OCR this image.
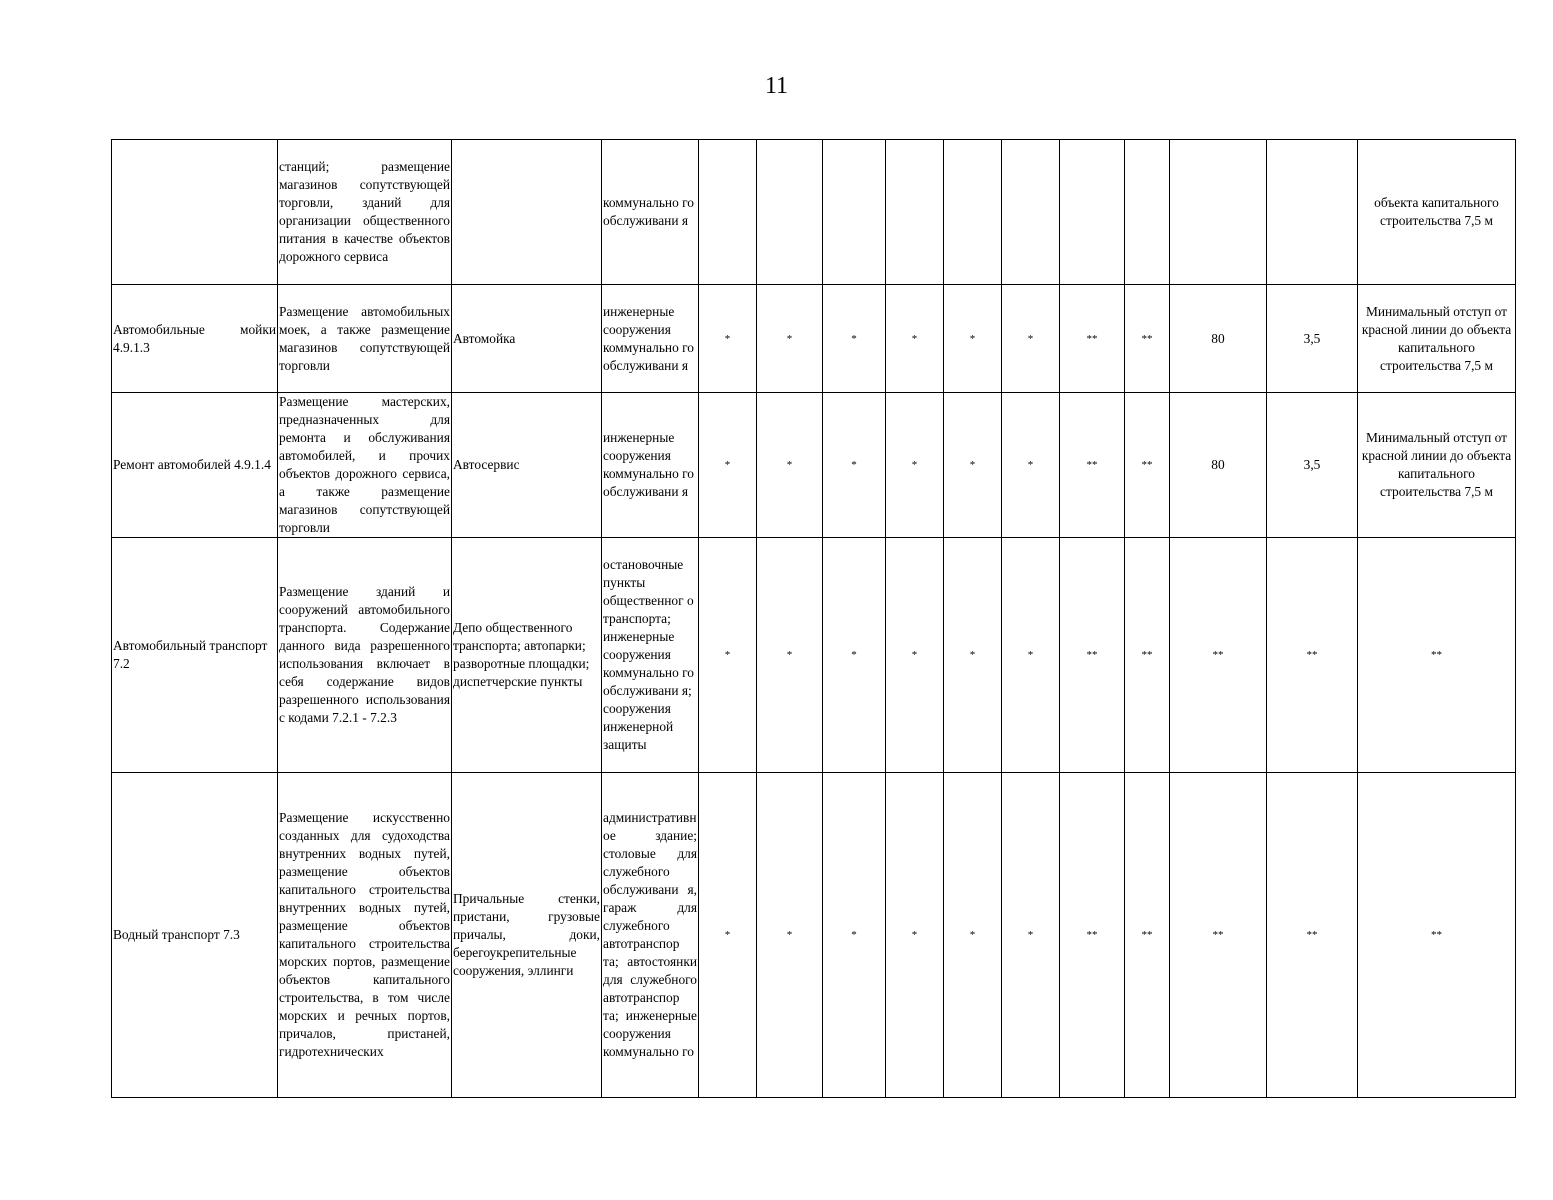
11
	станций; размещение магазинов сопутствующей торговли, зданий для организации общественного питания в качестве объектов дорожного сервиса		коммунально го обслуживани я											объекта капитального строительства 7,5 м
Автомобильные мойки 4.9.1.3	Размещение автомобильных моек, а также размещение магазинов сопутствующей торговли	Автомойка	инженерные сооружения коммунально го обслуживани я	*	*	*	*	*	*	**	**	80	3,5	Минимальный отступ от красной линии до объекта капитального строительства 7,5 м
Ремонт автомобилей 4.9.1.4	Размещение мастерских, предназначенных для ремонта и обслуживания автомобилей, и прочих объектов дорожного сервиса, а также размещение магазинов сопутствующей торговли	Автосервис	инженерные сооружения коммунально го обслуживани я	*	*	*	*	*	*	**	**	80	3,5	Минимальный отступ от красной линии до объекта капитального строительства 7,5 м
Автомобильный транспорт 7.2	Размещение зданий и сооружений автомобильного транспорта. Содержание данного вида разрешенного использования включает в себя содержание видов разрешенного использования с кодами 7.2.1 - 7.2.3	Депо общественного транспорта; автопарки; разворотные площадки; диспетчерские пункты	остановочные пункты общественног о транспорта; инженерные сооружения коммунально го обслуживани я; сооружения инженерной защиты	*	*	*	*	*	*	**	**	**	**	**
Водный транспорт 7.3	Размещение искусственно созданных для судоходства внутренних водных путей, размещение объектов капитального строительства внутренних водных путей, размещение объектов капитального строительства морских портов, размещение объектов капитального строительства, в том числе морских и речных портов, причалов, пристаней, гидротехнических	Причальные стенки, пристани, грузовые причалы, доки, берегоукрепительные сооружения, эллинги	административное здание; столовые для служебного обслуживани я, гараж для служебного автотранспор та; автостоянки для служебного автотранспор та; инженерные сооружения коммунально го	*	*	*	*	*	*	**	**	**	**	**
